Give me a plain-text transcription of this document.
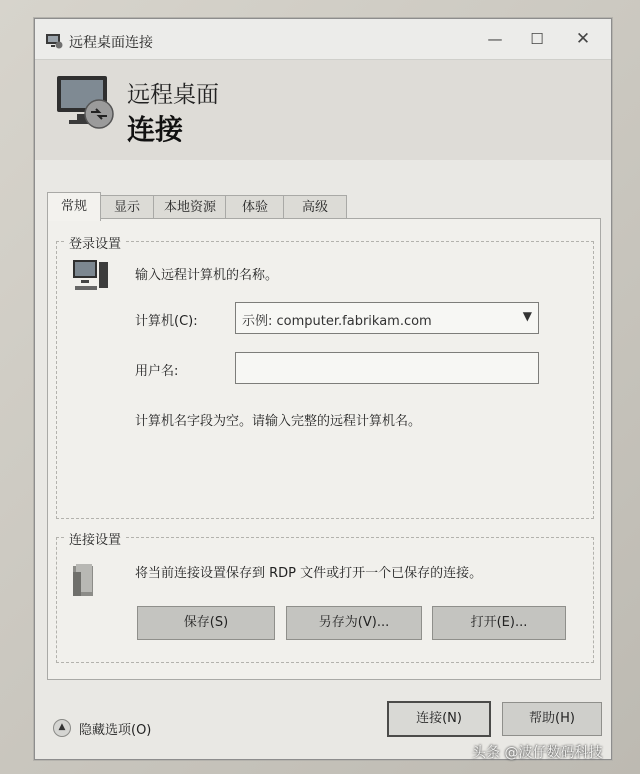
远程桌面连接	—	☐	✕
远程桌面
连接
常规	显示	本地资源	体验	高级
登录设置
输入远程计算机的名称。
计算机(C):	示例: computer.fabrikam.com	▼
用户名:
计算机名字段为空。请输入完整的远程计算机名。
连接设置
将当前连接设置保存到 RDP 文件或打开一个已保存的连接。
保存(S)	另存为(V)...	打开(E)...
▲	隐藏选项(O)
连接(N)	帮助(H)
头条 @波仔数码科技
